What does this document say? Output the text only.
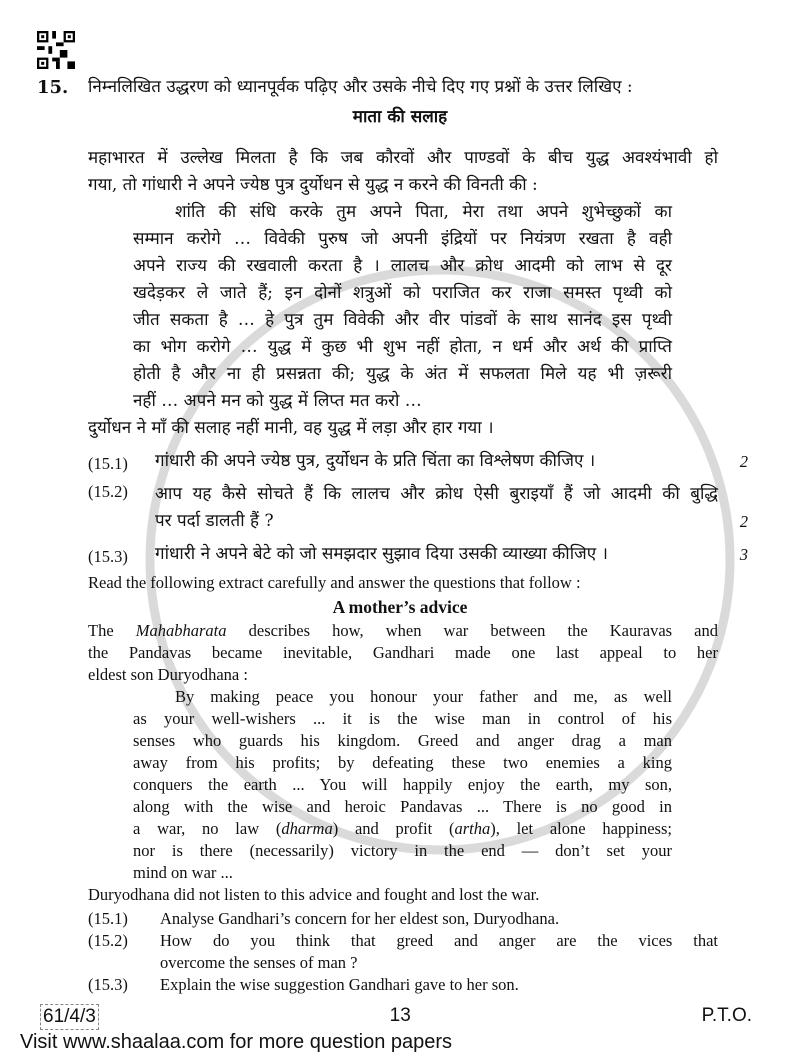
15.	निम्नलिखित उद्धरण को ध्यानपूर्वक पढ़िए और उसके नीचे दिए गए प्रश्नों के उत्तर लिखिए :
माता की सलाह
महाभारत में उल्लेख मिलता है कि जब कौरवों और पाण्डवों के बीच युद्ध अवश्यंभावी हो
गया, तो गांधारी ने अपने ज्येष्ठ पुत्र दुर्योधन से युद्ध न करने की विनती की :
शांति की संधि करके तुम अपने पिता, मेरा तथा अपने शुभेच्छुकों का
सम्मान करोगे … विवेकी पुरुष जो अपनी इंद्रियों पर नियंत्रण रखता है वही
अपने राज्य की रखवाली करता है । लालच और क्रोध आदमी को लाभ से दूर
खदेड़कर ले जाते हैं; इन दोनों शत्रुओं को पराजित कर राजा समस्त पृथ्वी को
जीत सकता है … हे पुत्र तुम विवेकी और वीर पांडवों के साथ सानंद इस पृथ्वी
का भोग करोगे … युद्ध में कुछ भी शुभ नहीं होता, न धर्म और अर्थ की प्राप्ति
होती है और ना ही प्रसन्नता की; युद्ध के अंत में सफलता मिले यह भी ज़रूरी
नहीं … अपने मन को युद्ध में लिप्त मत करो …
दुर्योधन ने माँ की सलाह नहीं मानी, वह युद्ध में लड़ा और हार गया ।
(15.1)	गांधारी की अपने ज्येष्ठ पुत्र, दुर्योधन के प्रति चिंता का विश्लेषण कीजिए ।	2
(15.2)	आप यह कैसे सोचते हैं कि लालच और क्रोध ऐसी बुराइयाँ हैं जो आदमी की बुद्धि
पर पर्दा डालती हैं ?	2
(15.3)	गांधारी ने अपने बेटे को जो समझदार सुझाव दिया उसकी व्याख्या कीजिए ।	3
Read the following extract carefully and answer the questions that follow :
A mother’s advice
The Mahabharata describes how, when war between the Kauravas and
the Pandavas became inevitable, Gandhari made one last appeal to her
eldest son Duryodhana :
By making peace you honour your father and me, as well
as your well-wishers ... it is the wise man in control of his
senses who guards his kingdom. Greed and anger drag a man
away from his profits; by defeating these two enemies a king
conquers the earth ... You will happily enjoy the earth, my son,
along with the wise and heroic Pandavas ... There is no good in
a war, no law (dharma) and profit (artha), let alone happiness;
nor is there (necessarily) victory in the end — don’t set your
mind on war ...
Duryodhana did not listen to this advice and fought and lost the war.
(15.1)	Analyse Gandhari’s concern for her eldest son, Duryodhana.
(15.2)	How do you think that greed and anger are the vices that
overcome the senses of man ?
(15.3)	Explain the wise suggestion Gandhari gave to her son.
61/4/3	13	P.T.O.
Visit www.shaalaa.com for more question papers
